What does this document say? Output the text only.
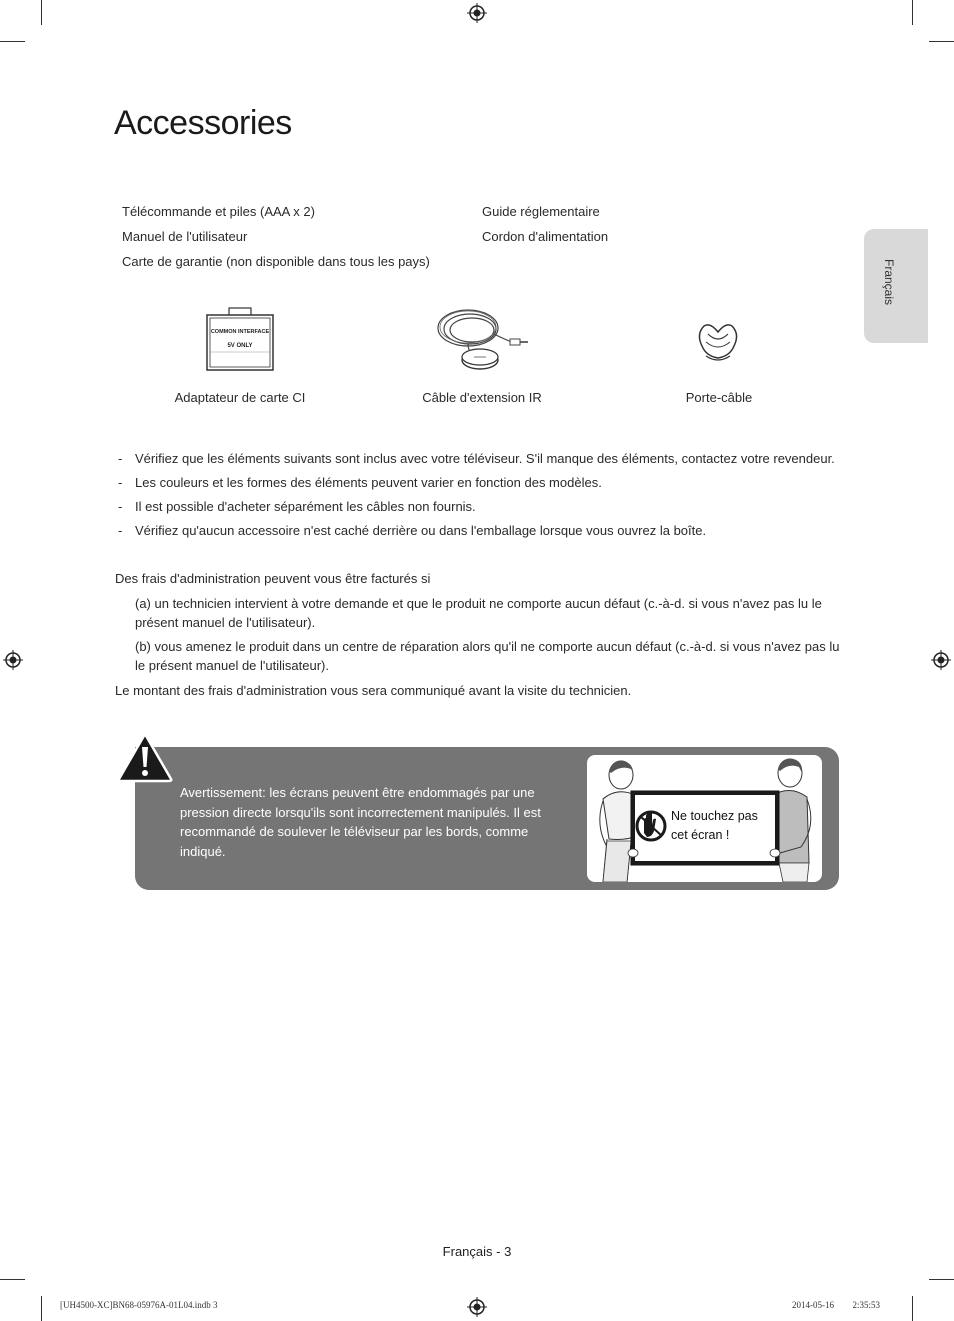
Accessories
Français
Télécommande et piles (AAA x 2)
Manuel de l'utilisateur
Carte de garantie (non disponible dans tous les pays)
Guide réglementaire
Cordon d'alimentation
COMMON INTERFACE
5V ONLY
Adaptateur de carte CI	Câble d'extension IR	Porte-câble
- Vérifiez que les éléments suivants sont inclus avec votre téléviseur. S'il manque des éléments, contactez votre revendeur.
- Les couleurs et les formes des éléments peuvent varier en fonction des modèles.
- Il est possible d'acheter séparément les câbles non fournis.
- Vérifiez qu'aucun accessoire n'est caché derrière ou dans l'emballage lorsque vous ouvrez la boîte.
Des frais d'administration peuvent vous être facturés si
(a) un technicien intervient à votre demande et que le produit ne comporte aucun défaut (c.-à-d. si vous n'avez pas lu le
présent manuel de l'utilisateur).
(b) vous amenez le produit dans un centre de réparation alors qu'il ne comporte aucun défaut (c.-à-d. si vous n'avez pas lu
le présent manuel de l'utilisateur).
Le montant des frais d'administration vous sera communiqué avant la visite du technicien.
Avertissement: les écrans peuvent être endommagés par une pression directe lorsqu'ils sont incorrectement manipulés. Il est recommandé de soulever le téléviseur par les bords, comme indiqué.
Ne touchez pas
cet écran !
Français - 3
[UH4500-XC]BN68-05976A-01L04.indb 3	2014-05-16 ￿￿ 2:35:53
